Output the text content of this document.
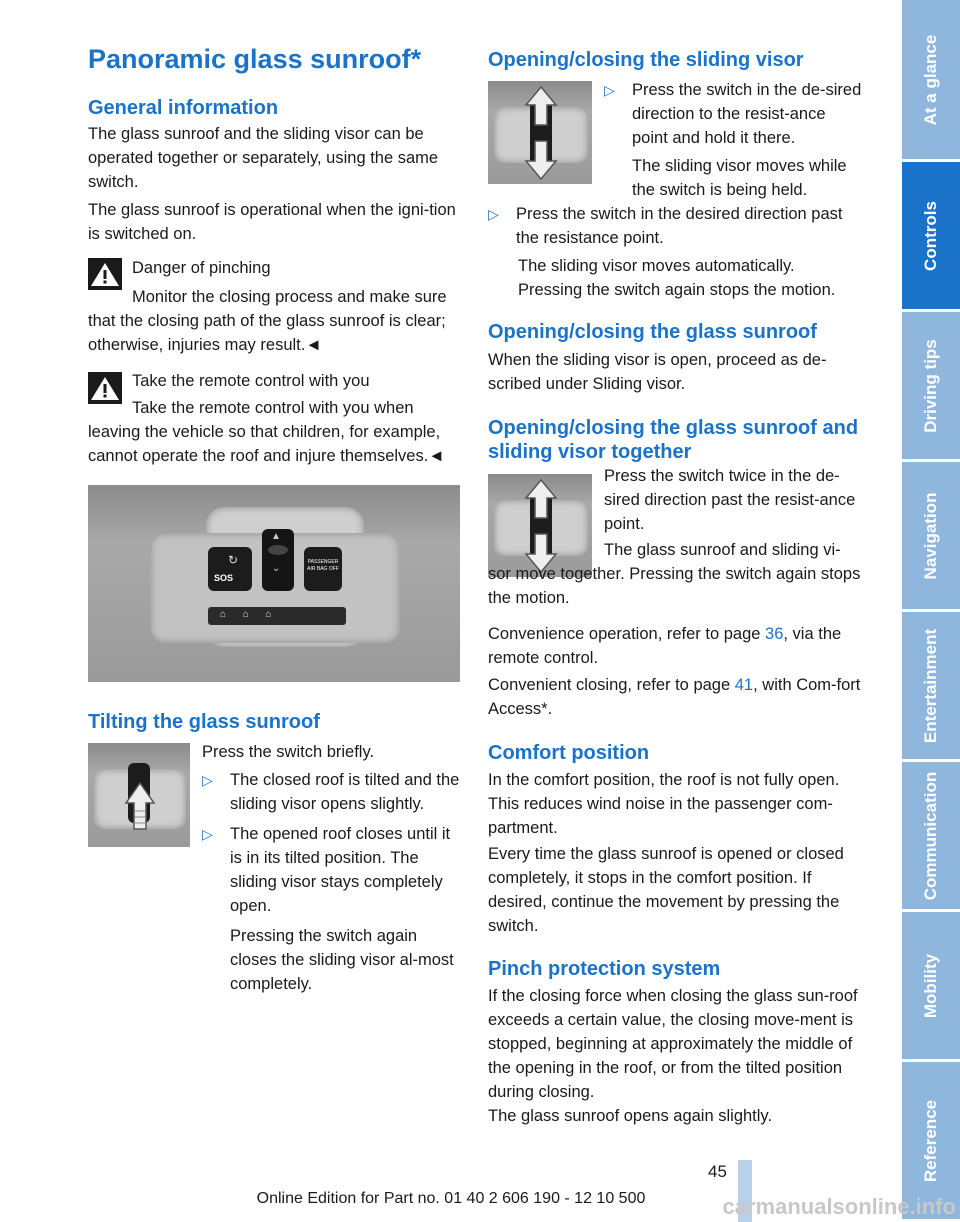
Panoramic glass sunroof*
General information

The glass sunroof and the sliding visor can be operated together or separately, using the same switch.

The glass sunroof is operational when the igni-tion is switched on.

Danger of pinching
Monitor the closing process and make sure that the closing path of the glass sunroof is clear; otherwise, injuries may result.◄
Take the remote control with you
Take the remote control with you when leaving the vehicle so that children, for example, cannot operate the roof and injure themselves.◄
SOS
↻	PASSENGER AIR BAG OFF
▲
⌄
⌂      ⌂      ⌂
Tilting the glass sunroof
Press the switch briefly.
▷ The closed roof is tilted and the sliding visor opens slightly.
▷ The opened roof closes until it is in its tilted position. The sliding visor stays completely open.
Pressing the switch again closes the sliding visor al-most completely.
Opening/closing the sliding visor
▷ Press the switch in the de-sired direction to the resist-ance point and hold it there.
The sliding visor moves while the switch is being held.
▷ Press the switch in the desired direction past the resistance point.
The sliding visor moves automatically. Pressing the switch again stops the motion.
Opening/closing the glass sunroof
When the sliding visor is open, proceed as de-scribed under Sliding visor.
Opening/closing the glass sunroof and sliding visor together
Press the switch twice in the de-sired direction past the resist-ance point.
The glass sunroof and sliding vi-sor move together. Pressing the switch again stops the motion.
Convenience operation, refer to page 36, via the remote control.
Convenient closing, refer to page 41, with Com-fort Access*.
Comfort position
In the comfort position, the roof is not fully open. This reduces wind noise in the passenger com-partment.
Every time the glass sunroof is opened or closed completely, it stops in the comfort position. If desired, continue the movement by pressing the switch.
Pinch protection system
If the closing force when closing the glass sun-roof exceeds a certain value, the closing move-ment is stopped, beginning at approximately the middle of the opening in the roof, or from the tilted position during closing.
The glass sunroof opens again slightly.
At a glance
Controls
Driving tips
Navigation
Entertainment
Communication
Mobility
Reference
45
Online Edition for Part no. 01 40 2 606 190 - 12 10 500	carmanualsonline.info
